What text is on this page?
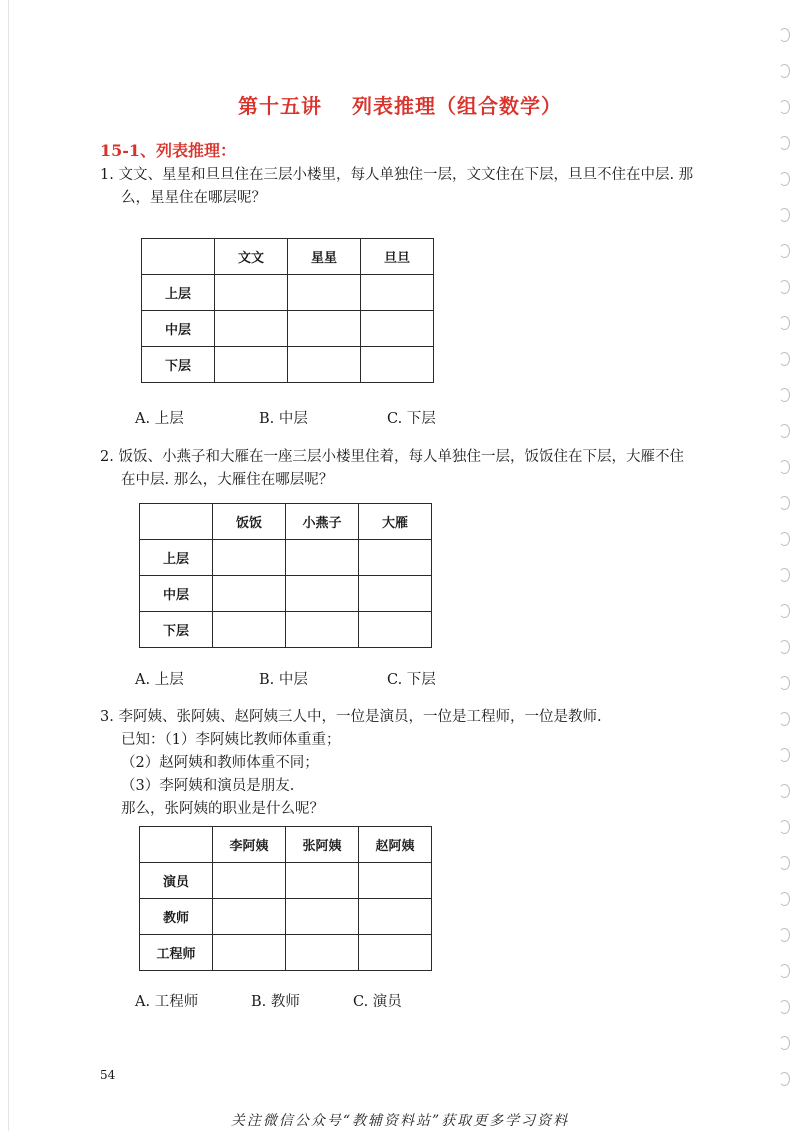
第十五讲 列表推理（组合数学）
15-1、列表推理：
1. 文文、星星和旦旦住在三层小楼里，每人单独住一层，文文住在下层，旦旦不住在中层. 那
么，星星住在哪层呢？
	文文	星星	旦旦
上层			
中层			
下层			
A. 上层	B. 中层	C. 下层
2. 饭饭、小燕子和大雁在一座三层小楼里住着，每人单独住一层，饭饭住在下层，大雁不住
在中层. 那么，大雁住在哪层呢？
	饭饭	小燕子	大雁
上层			
中层			
下层			
A. 上层	B. 中层	C. 下层
3. 李阿姨、张阿姨、赵阿姨三人中，一位是演员，一位是工程师，一位是教师.
已知：（1）李阿姨比教师体重重；
（2）赵阿姨和教师体重不同；
（3）李阿姨和演员是朋友.
那么，张阿姨的职业是什么呢？
	李阿姨	张阿姨	赵阿姨
演员			
教师			
工程师			
A. 工程师	B. 教师	C. 演员
54
关注微信公众号“教辅资料站”获取更多学习资料
